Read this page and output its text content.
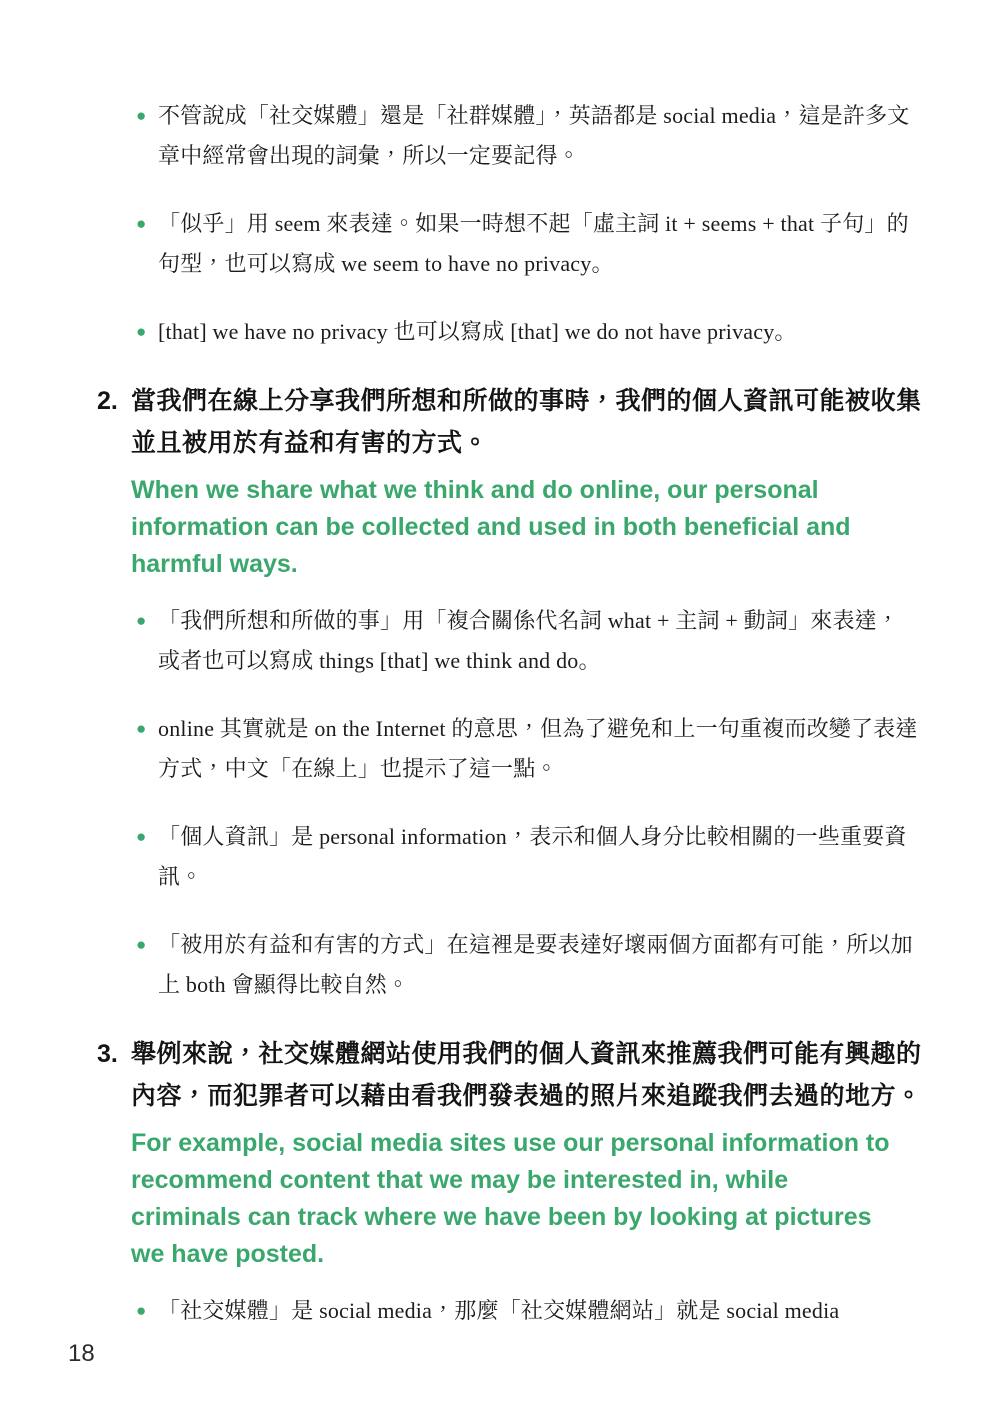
● 不管說成「社交媒體」還是「社群媒體」，英語都是 social media，這是許多文章中經常會出現的詞彙，所以一定要記得。

● 「似乎」用 seem 來表達。如果一時想不起「虛主詞 it + seems + that 子句」的句型，也可以寫成 we seem to have no privacy。

● [that] we have no privacy 也可以寫成 [that] we do not have privacy。

2. 當我們在線上分享我們所想和所做的事時，我們的個人資訊可能被收集並且被用於有益和有害的方式。

When we share what we think and do online, our personal information can be collected and used in both beneficial and harmful ways.

● 「我們所想和所做的事」用「複合關係代名詞 what + 主詞 + 動詞」來表達，或者也可以寫成 things [that] we think and do。

● online 其實就是 on the Internet 的意思，但為了避免和上一句重複而改變了表達方式，中文「在線上」也提示了這一點。

● 「個人資訊」是 personal information，表示和個人身分比較相關的一些重要資訊。

● 「被用於有益和有害的方式」在這裡是要表達好壞兩個方面都有可能，所以加上 both 會顯得比較自然。

3. 舉例來說，社交媒體網站使用我們的個人資訊來推薦我們可能有興趣的內容，而犯罪者可以藉由看我們發表過的照片來追蹤我們去過的地方。

For example, social media sites use our personal information to recommend content that we may be interested in, while criminals can track where we have been by looking at pictures we have posted.

● 「社交媒體」是 social media，那麼「社交媒體網站」就是 social media

18
